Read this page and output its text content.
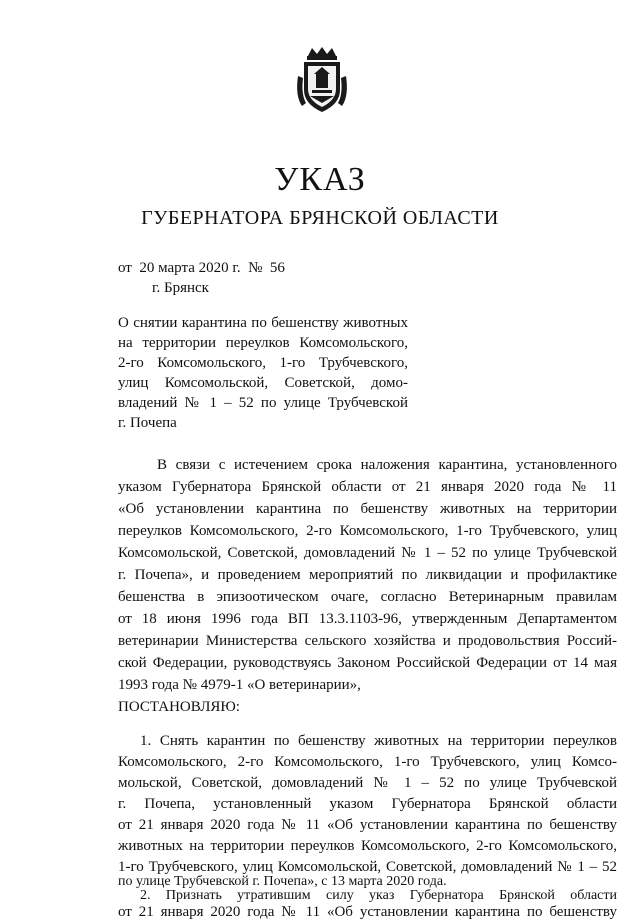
УКАЗ
ГУБЕРНАТОРА БРЯНСКОЙ ОБЛАСТИ
от  20 марта 2020 г.  №  56
г. Брянск
О снятии карантина по бешенству животных
на территории переулков Комсомольского,
2-го Комсомольского, 1-го Трубчевского,
улиц Комсомольской, Советской, домо-
владений № 1 – 52 по улице Трубчевской
г. Почепа
В связи с истечением срока наложения карантина, установленного
указом Губернатора Брянской области от 21 января 2020 года № 11
«Об установлении карантина по бешенству животных на территории
переулков Комсомольского, 2-го Комсомольского, 1-го Трубчевского, улиц
Комсомольской, Советской, домовладений № 1 – 52 по улице Трубчевской
г. Почепа», и проведением мероприятий по ликвидации и профилактике
бешенства в эпизоотическом очаге, согласно Ветеринарным правилам
от 18 июня 1996 года ВП 13.3.1103-96, утвержденным Департаментом
ветеринарии Министерства сельского хозяйства и продовольствия Россий-
ской Федерации, руководствуясь Законом Российской Федерации от 14 мая
1993 года № 4979-1 «О ветеринарии»,
ПОСТАНОВЛЯЮ:
1. Снять карантин по бешенству животных на территории переулков
Комсомольского, 2-го Комсомольского, 1-го Трубчевского, улиц Комсо-
мольской, Советской, домовладений № 1 – 52 по улице Трубчевской
г. Почепа, установленный указом Губернатора Брянской области
от 21 января 2020 года № 11 «Об установлении карантина по бешенству
животных на территории переулков Комсомольского, 2-го Комсомольского,
1-го Трубчевского, улиц Комсомольской, Советской, домовладений № 1 – 52
по улице Трубчевской г. Почепа», с 13 марта 2020 года.
2. Признать утратившим силу указ Губернатора Брянской области
от 21 января 2020 года № 11 «Об установлении карантина по бешенству
